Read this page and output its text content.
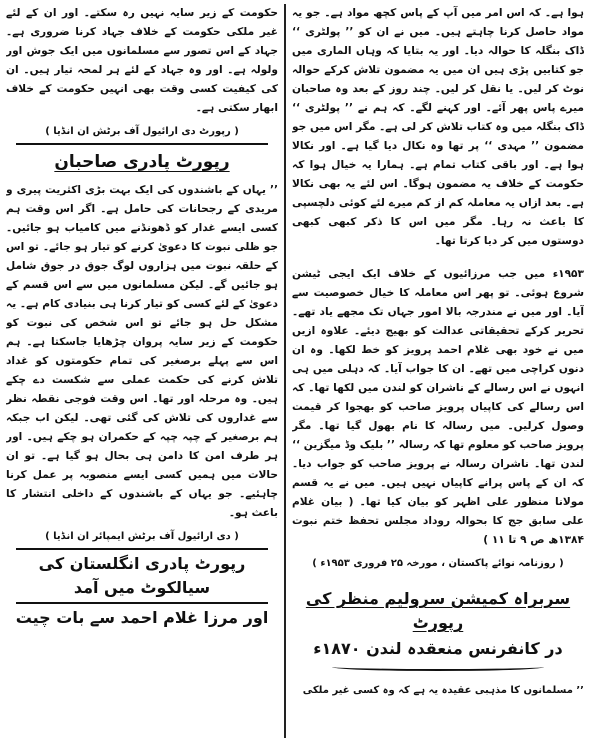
ہوا ہے۔ کہ اس امر میں آپ کے پاس کچھ مواد ہے۔ جو یہ مواد حاصل کرنا چاہتے ہیں۔ میں نے ان کو ’’ پولٹری ‘‘ ڈاک بنگلہ کا حوالہ دیا۔ اور یہ بتایا کہ وہاں الماری میں جو کتابیں پڑی ہیں ان میں یہ مضمون تلاش کرکے حوالہ نوٹ کر لیں۔ یا نقل کر لیں۔ چند روز کے بعد وہ صاحبان میرے پاس پھر آئے۔ اور کہنے لگے۔ کہ ہم نے ’’ پولٹری ‘‘ ڈاک بنگلہ میں وہ کتاب تلاش کر لی ہے۔ مگر اس میں جو مضمون ’’ مہدی ‘‘ پر تھا وہ نکال دیا گیا ہے۔ اور نکالا ہوا ہے۔ اور باقی کتاب تمام ہے۔ ہمارا یہ خیال ہوا کہ حکومت کے خلاف یہ مضمون ہوگا۔ اس لئے یہ بھی نکالا ہے۔ بعد ازاں یہ معاملہ کم از کم میرے لئے کوئی دلچسپی کا باعث نہ رہا۔ مگر میں اس کا ذکر کبھی کبھی دوستوں میں کر دیا کرتا تھا۔

۱۹۵۳ء میں جب مرزائیوں کے خلاف ایک ایجی ٹیشن شروع ہوئی۔ تو پھر اس معاملہ کا خیال خصوصیت سے آیا۔ اور میں نے مندرجہ بالا امور جہاں تک مجھے یاد تھے۔ تحریر کرکے تحقیقاتی عدالت کو بھیج دیئے۔ علاوہ ازیں میں نے خود بھی غلام احمد پرویز کو خط لکھا۔ وہ ان دنوں کراچی میں تھے۔ ان کا جواب آیا۔ کہ دہلی میں ہی انہوں نے اس رسالے کے ناشران کو لندن میں لکھا تھا۔ کہ اس رسالے کی کاپیاں پرویز صاحب کو بھجوا کر قیمت وصول کرلیں۔ میں رسالہ کا نام بھول گیا تھا۔ مگر پرویز صاحب کو معلوم تھا کہ رسالہ ’’ بلیک وڈ میگزین ‘‘ لندن تھا۔ ناشران رسالہ نے پرویز صاحب کو جواب دیا۔ کہ ان کے پاس پرانے کاپیاں نہیں ہیں۔ میں نے یہ قسم مولانا منظور علی اظہر کو بیان کیا تھا۔ ( بیان غلام علی سابق جج کا بحوالہ روداد مجلس تحفظ ختم نبوت ۱۳۸۴ھ ص ۹ تا ۱۱ )

( روزنامہ نوائے پاکستان ، مورخہ ۲۵ فروری ۱۹۵۳ء )

سربراہ کمیشن سرولیم منظر کی رپورٹ
در کانفرنس منعقدہ لندن ۱۸۷۰ء

’’ مسلمانوں کا مذہبی عقیدہ یہ ہے کہ وہ کسی غیر ملکی

حکومت کے زیر سایہ نہیں رہ سکتے۔ اور ان کے لئے غیر ملکی حکومت کے خلاف جہاد کرنا ضروری ہے۔ جہاد کے اس تصور سے مسلمانوں میں ایک جوش اور ولولہ ہے۔ اور وہ جہاد کے لئے ہر لمحہ تیار ہیں۔ ان کی کیفیت کسی وقت بھی انہیں حکومت کے خلاف ابھار سکتی ہے۔

( رپورٹ دی ارائیول آف برٹش ان انڈیا )

رپورٹ پادری صاحبان

’’ یہاں کے باشندوں کی ایک بہت بڑی اکثریت پیری و مریدی کے رجحانات کی حامل ہے۔ اگر اس وقت ہم کسی ایسے غدار کو ڈھونڈنے میں کامیاب ہو جائیں۔ جو ظلی نبوت کا دعویٰ کرنے کو تیار ہو جائے۔ تو اس کے حلقہ نبوت میں ہزاروں لوگ جوق در جوق شامل ہو جائیں گے۔ لیکن مسلمانوں میں سے اس قسم کے دعویٰ کے لئے کسی کو تیار کرنا ہی بنیادی کام ہے۔ یہ مشکل حل ہو جائے تو اس شخص کی نبوت کو حکومت کے زیر سایہ پروان چڑھایا جاسکتا ہے۔ ہم اس سے پہلے برصغیر کی تمام حکومتوں کو غداد تلاش کرنے کی حکمت عملی سے شکست دے چکے ہیں۔ وہ مرحلہ اور تھا۔ اس وقت فوجی نقطہ نظر سے غداروں کی تلاش کی گئی تھی۔ لیکن اب جبکہ ہم برصغیر کے چپہ چپہ کے حکمران ہو چکے ہیں۔ اور ہر طرف امن کا دامن ہی بحال ہو گیا ہے۔ تو ان حالات میں ہمیں کسی ایسے منصوبہ پر عمل کرنا چاہئیے۔ جو یہاں کے باشندوں کے داخلی انتشار کا باعث ہو۔

( دی ارائیول آف برٹش ایمپائر ان انڈیا )

رپورٹ پادری انگلستان کی سیالکوٹ میں آمد
اور مرزا غلام احمد سے بات چیت
